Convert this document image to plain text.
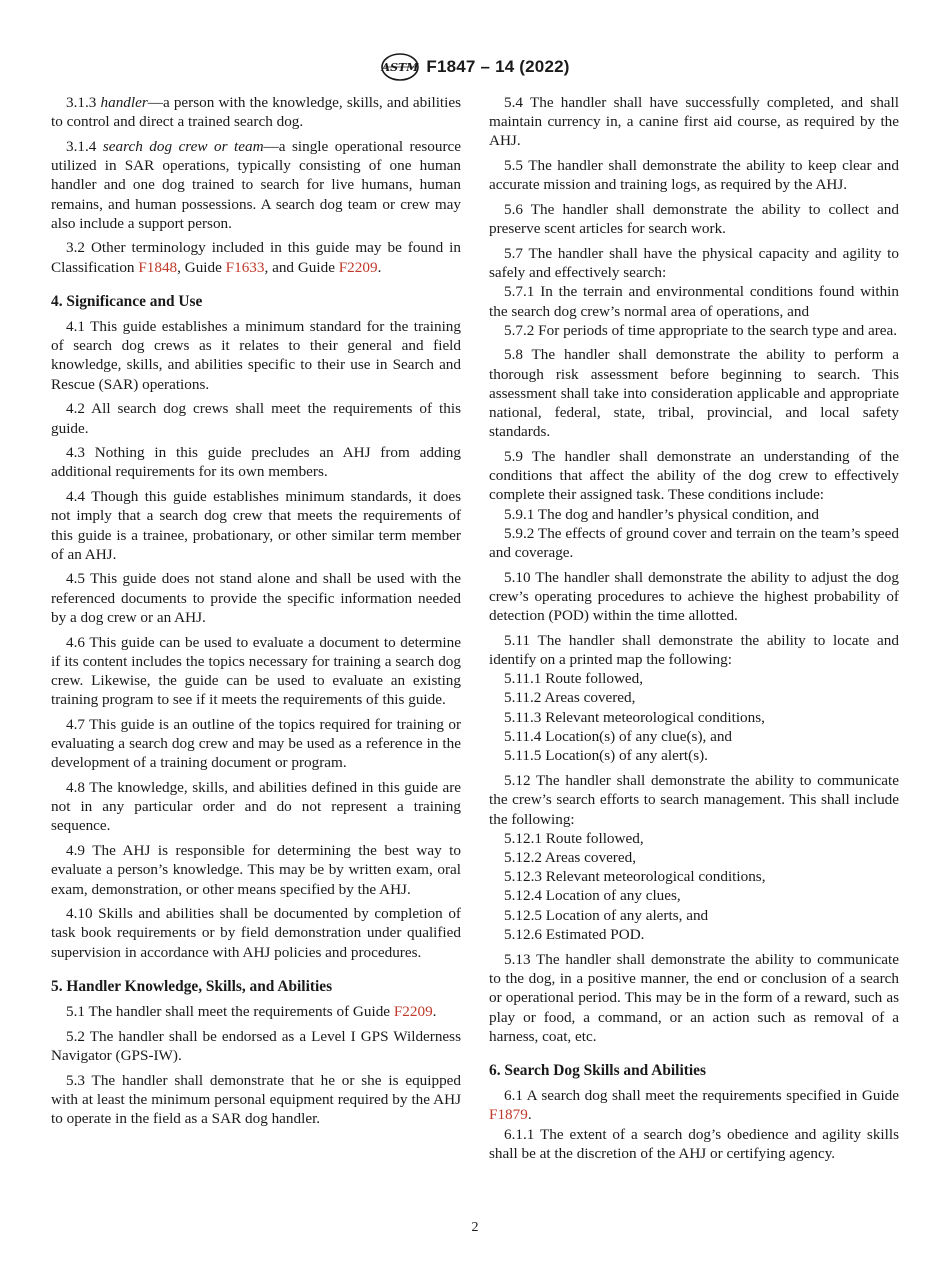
ASTM F1847 – 14 (2022)

3.1.3 handler—a person with the knowledge, skills, and abilities to control and direct a trained search dog.

3.1.4 search dog crew or team—a single operational resource utilized in SAR operations, typically consisting of one human handler and one dog trained to search for live humans, human remains, and human possessions. A search dog team or crew may also include a support person.

3.2 Other terminology included in this guide may be found in Classification F1848, Guide F1633, and Guide F2209.

4. Significance and Use

4.1 This guide establishes a minimum standard for the training of search dog crews as it relates to their general and field knowledge, skills, and abilities specific to their use in Search and Rescue (SAR) operations.

4.2 All search dog crews shall meet the requirements of this guide.

4.3 Nothing in this guide precludes an AHJ from adding additional requirements for its own members.

4.4 Though this guide establishes minimum standards, it does not imply that a search dog crew that meets the requirements of this guide is a trainee, probationary, or other similar term member of an AHJ.

4.5 This guide does not stand alone and shall be used with the referenced documents to provide the specific information needed by a dog crew or an AHJ.

4.6 This guide can be used to evaluate a document to determine if its content includes the topics necessary for training a search dog crew. Likewise, the guide can be used to evaluate an existing training program to see if it meets the requirements of this guide.

4.7 This guide is an outline of the topics required for training or evaluating a search dog crew and may be used as a reference in the development of a training document or program.

4.8 The knowledge, skills, and abilities defined in this guide are not in any particular order and do not represent a training sequence.

4.9 The AHJ is responsible for determining the best way to evaluate a person’s knowledge. This may be by written exam, oral exam, demonstration, or other means specified by the AHJ.

4.10 Skills and abilities shall be documented by completion of task book requirements or by field demonstration under qualified supervision in accordance with AHJ policies and procedures.

5. Handler Knowledge, Skills, and Abilities

5.1 The handler shall meet the requirements of Guide F2209.

5.2 The handler shall be endorsed as a Level I GPS Wilderness Navigator (GPS-IW).

5.3 The handler shall demonstrate that he or she is equipped with at least the minimum personal equipment required by the AHJ to operate in the field as a SAR dog handler.

5.4 The handler shall have successfully completed, and shall maintain currency in, a canine first aid course, as required by the AHJ.

5.5 The handler shall demonstrate the ability to keep clear and accurate mission and training logs, as required by the AHJ.

5.6 The handler shall demonstrate the ability to collect and preserve scent articles for search work.

5.7 The handler shall have the physical capacity and agility to safely and effectively search:

5.7.1 In the terrain and environmental conditions found within the search dog crew’s normal area of operations, and

5.7.2 For periods of time appropriate to the search type and area.

5.8 The handler shall demonstrate the ability to perform a thorough risk assessment before beginning to search. This assessment shall take into consideration applicable and appropriate national, federal, state, tribal, provincial, and local safety standards.

5.9 The handler shall demonstrate an understanding of the conditions that affect the ability of the dog crew to effectively complete their assigned task. These conditions include:

5.9.1 The dog and handler’s physical condition, and

5.9.2 The effects of ground cover and terrain on the team’s speed and coverage.

5.10 The handler shall demonstrate the ability to adjust the dog crew’s operating procedures to achieve the highest probability of detection (POD) within the time allotted.

5.11 The handler shall demonstrate the ability to locate and identify on a printed map the following:

5.11.1 Route followed,

5.11.2 Areas covered,

5.11.3 Relevant meteorological conditions,

5.11.4 Location(s) of any clue(s), and

5.11.5 Location(s) of any alert(s).

5.12 The handler shall demonstrate the ability to communicate the crew’s search efforts to search management. This shall include the following:

5.12.1 Route followed,

5.12.2 Areas covered,

5.12.3 Relevant meteorological conditions,

5.12.4 Location of any clues,

5.12.5 Location of any alerts, and

5.12.6 Estimated POD.

5.13 The handler shall demonstrate the ability to communicate to the dog, in a positive manner, the end or conclusion of a search or operational period. This may be in the form of a reward, such as play or food, a command, or an action such as removal of a harness, coat, etc.

6. Search Dog Skills and Abilities

6.1 A search dog shall meet the requirements specified in Guide F1879.

6.1.1 The extent of a search dog’s obedience and agility skills shall be at the discretion of the AHJ or certifying agency.

2
